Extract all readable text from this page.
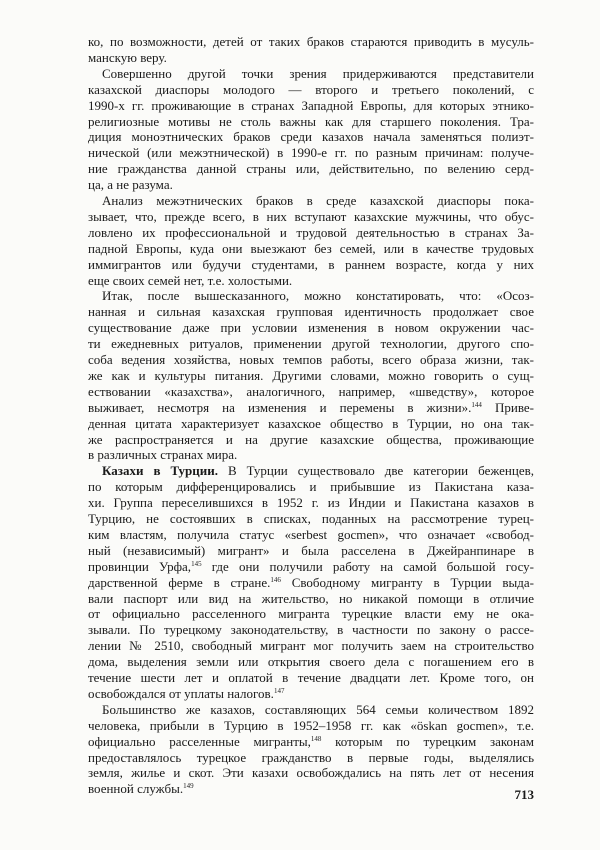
713
ко, по возможности, детей от таких браков стараются приводить в мусуль-
манскую веру.
Совершенно другой точки зрения придерживаются представители
казахской диаспоры молодого — второго и третьего поколений, с
1990-х гг. проживающие в странах Западной Европы, для которых этнико-
религиозные мотивы не столь важны как для старшего поколения. Тра-
диция моноэтнических браков среди казахов начала заменяться полиэт-
нической (или межэтнической) в 1990-е гг. по разным причинам: получе-
ние гражданства данной страны или, действительно, по велению серд-
ца, а не разума.
Анализ межэтнических браков в среде казахской диаспоры пока-
зывает, что, прежде всего, в них вступают казахские мужчины, что обус-
ловлено их профессиональной и трудовой деятельностью в странах За-
падной Европы, куда они выезжают без семей, или в качестве трудовых
иммигрантов или будучи студентами, в раннем возрасте, когда у них
еще своих семей нет, т.е. холостыми.
Итак, после вышесказанного, можно констатировать, что: «Осоз-
нанная и сильная казахская групповая идентичность продолжает свое
существование даже при условии изменения в новом окружении час-
ти ежедневных ритуалов, применении другой технологии, другого спо-
соба ведения хозяйства, новых темпов работы, всего образа жизни, так-
же как и культуры питания. Другими словами, можно говорить о сущ-
ествовании «казахства», аналогичного, например, «шведству», которое
выживает, несмотря на изменения и перемены в жизни».$^{144}$ Приве-
денная цитата характеризует казахское общество в Турции, но она так-
же распространяется и на другие казахские общества, проживающие
в различных странах мира.
Казахи в Турции. В Турции существовало две категории беженцев,
по которым дифференцировались и прибывшие из Пакистана каза-
хи. Группа переселившихся в 1952 г. из Индии и Пакистана казахов в
Турцию, не состоявших в списках, поданных на рассмотрение турец-
ким властям, получила статус «serbest gocmen», что означает «свобод-
ный (независимый) мигрант» и была расселена в Джейранпинаре в
провинции Урфа,$^{145}$ где они получили работу на самой большой госу-
дарственной ферме в стране.$^{146}$ Свободному мигранту в Турции выда-
вали паспорт или вид на жительство, но никакой помощи в отличие
от официально расселенного мигранта турецкие власти ему не ока-
зывали. По турецкому законодательству, в частности по закону о рассе-
лении № 2510, свободный мигрант мог получить заем на строительство
дома, выделения земли или открытия своего дела с погашением его в
течение шести лет и оплатой в течение двадцати лет. Кроме того, он
освобождался от уплаты налогов.$^{147}$
Большинство же казахов, составляющих 564 семьи количеством 1892
человека, прибыли в Турцию в 1952–1958 гг. как «öskan gocmen», т.е.
официально расселенные мигранты,$^{148}$ которым по турецким законам
предоставлялось турецкое гражданство в первые годы, выделялись
земля, жилье и скот. Эти казахи освобождались на пять лет от несения
военной службы.$^{149}$
